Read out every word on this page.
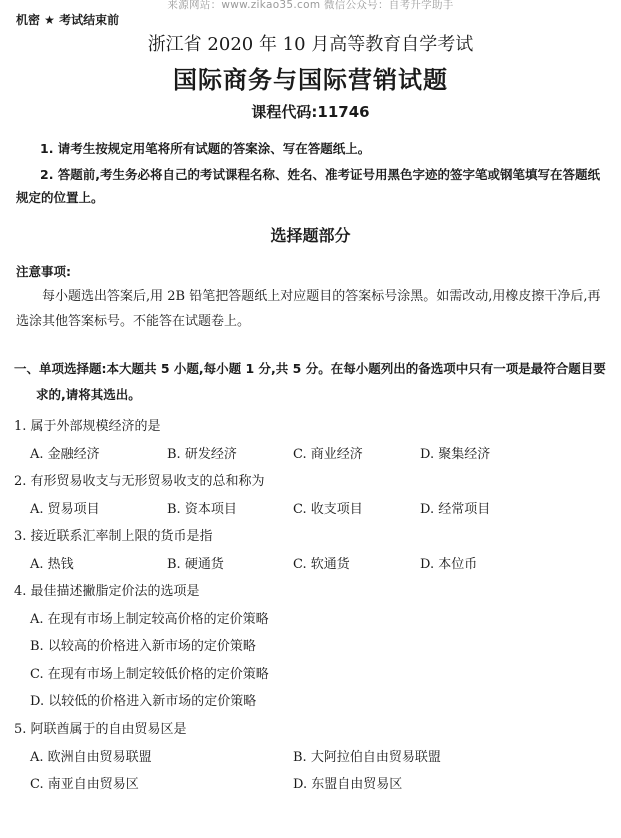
来源网站：www.zikao35.com 微信公众号：自考升学助手
机密 ★ 考试结束前
浙江省 2020 年 10 月高等教育自学考试
国际商务与国际营销试题
课程代码:11746
1. 请考生按规定用笔将所有试题的答案涂、写在答题纸上。
2. 答题前,考生务必将自己的考试课程名称、姓名、准考证号用黑色字迹的签字笔或钢笔填写在答题纸规定的位置上。
选择题部分
注意事项:
每小题选出答案后,用 2B 铅笔把答题纸上对应题目的答案标号涂黑。如需改动,用橡皮擦干净后,再选涂其他答案标号。不能答在试题卷上。
一、单项选择题:本大题共 5 小题,每小题 1 分,共 5 分。在每小题列出的备选项中只有一项是最符合题目要求的,请将其选出。
1. 属于外部规模经济的是
A. 金融经济	B. 研发经济	C. 商业经济	D. 聚集经济
2. 有形贸易收支与无形贸易收支的总和称为
A. 贸易项目	B. 资本项目	C. 收支项目	D. 经常项目
3. 接近联系汇率制上限的货币是指
A. 热钱	B. 硬通货	C. 软通货	D. 本位币
4. 最佳描述撇脂定价法的选项是
A. 在现有市场上制定较高价格的定价策略
B. 以较高的价格进入新市场的定价策略
C. 在现有市场上制定较低价格的定价策略
D. 以较低的价格进入新市场的定价策略
5. 阿联酋属于的自由贸易区是
A. 欧洲自由贸易联盟	B. 大阿拉伯自由贸易联盟
C. 南亚自由贸易区	D. 东盟自由贸易区
